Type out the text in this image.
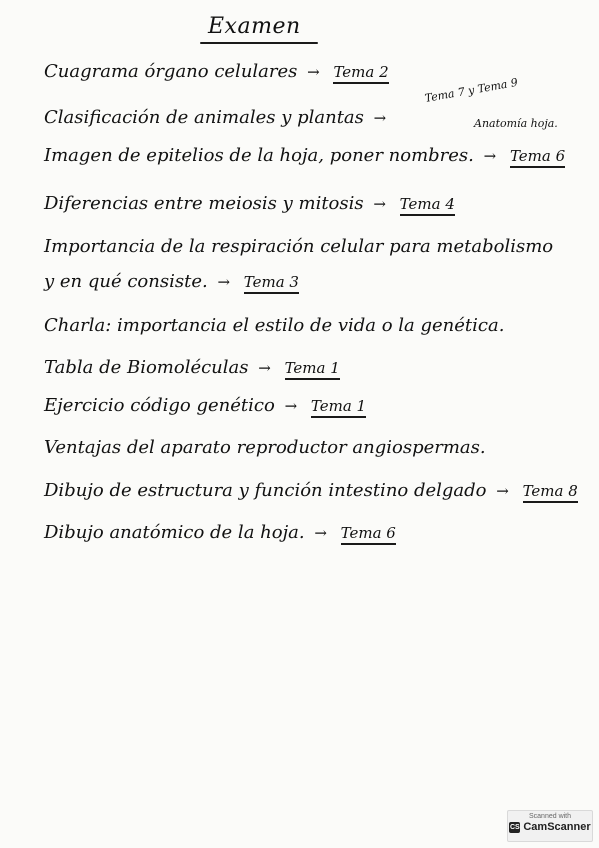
Examen
Cuagrama órgano celulares → Tema 2
Clasificación de animales y plantas →
Tema 7 y Tema 9
Anatomía hoja.
Imagen de epitelios de la hoja, poner nombres. → Tema 6
Diferencias entre meiosis y mitosis → Tema 4
Importancia de la respiración celular para metabolismo
y en qué consiste. → Tema 3
Charla: importancia el estilo de vida o la genética.
Tabla de Biomoléculas → Tema 1
Ejercicio código genético → Tema 1
Ventajas del aparato reproductor angiospermas.
Dibujo de estructura y función intestino delgado → Tema 8
Dibujo anatómico de la hoja. → Tema 6
Scanned with
CS CamScanner
